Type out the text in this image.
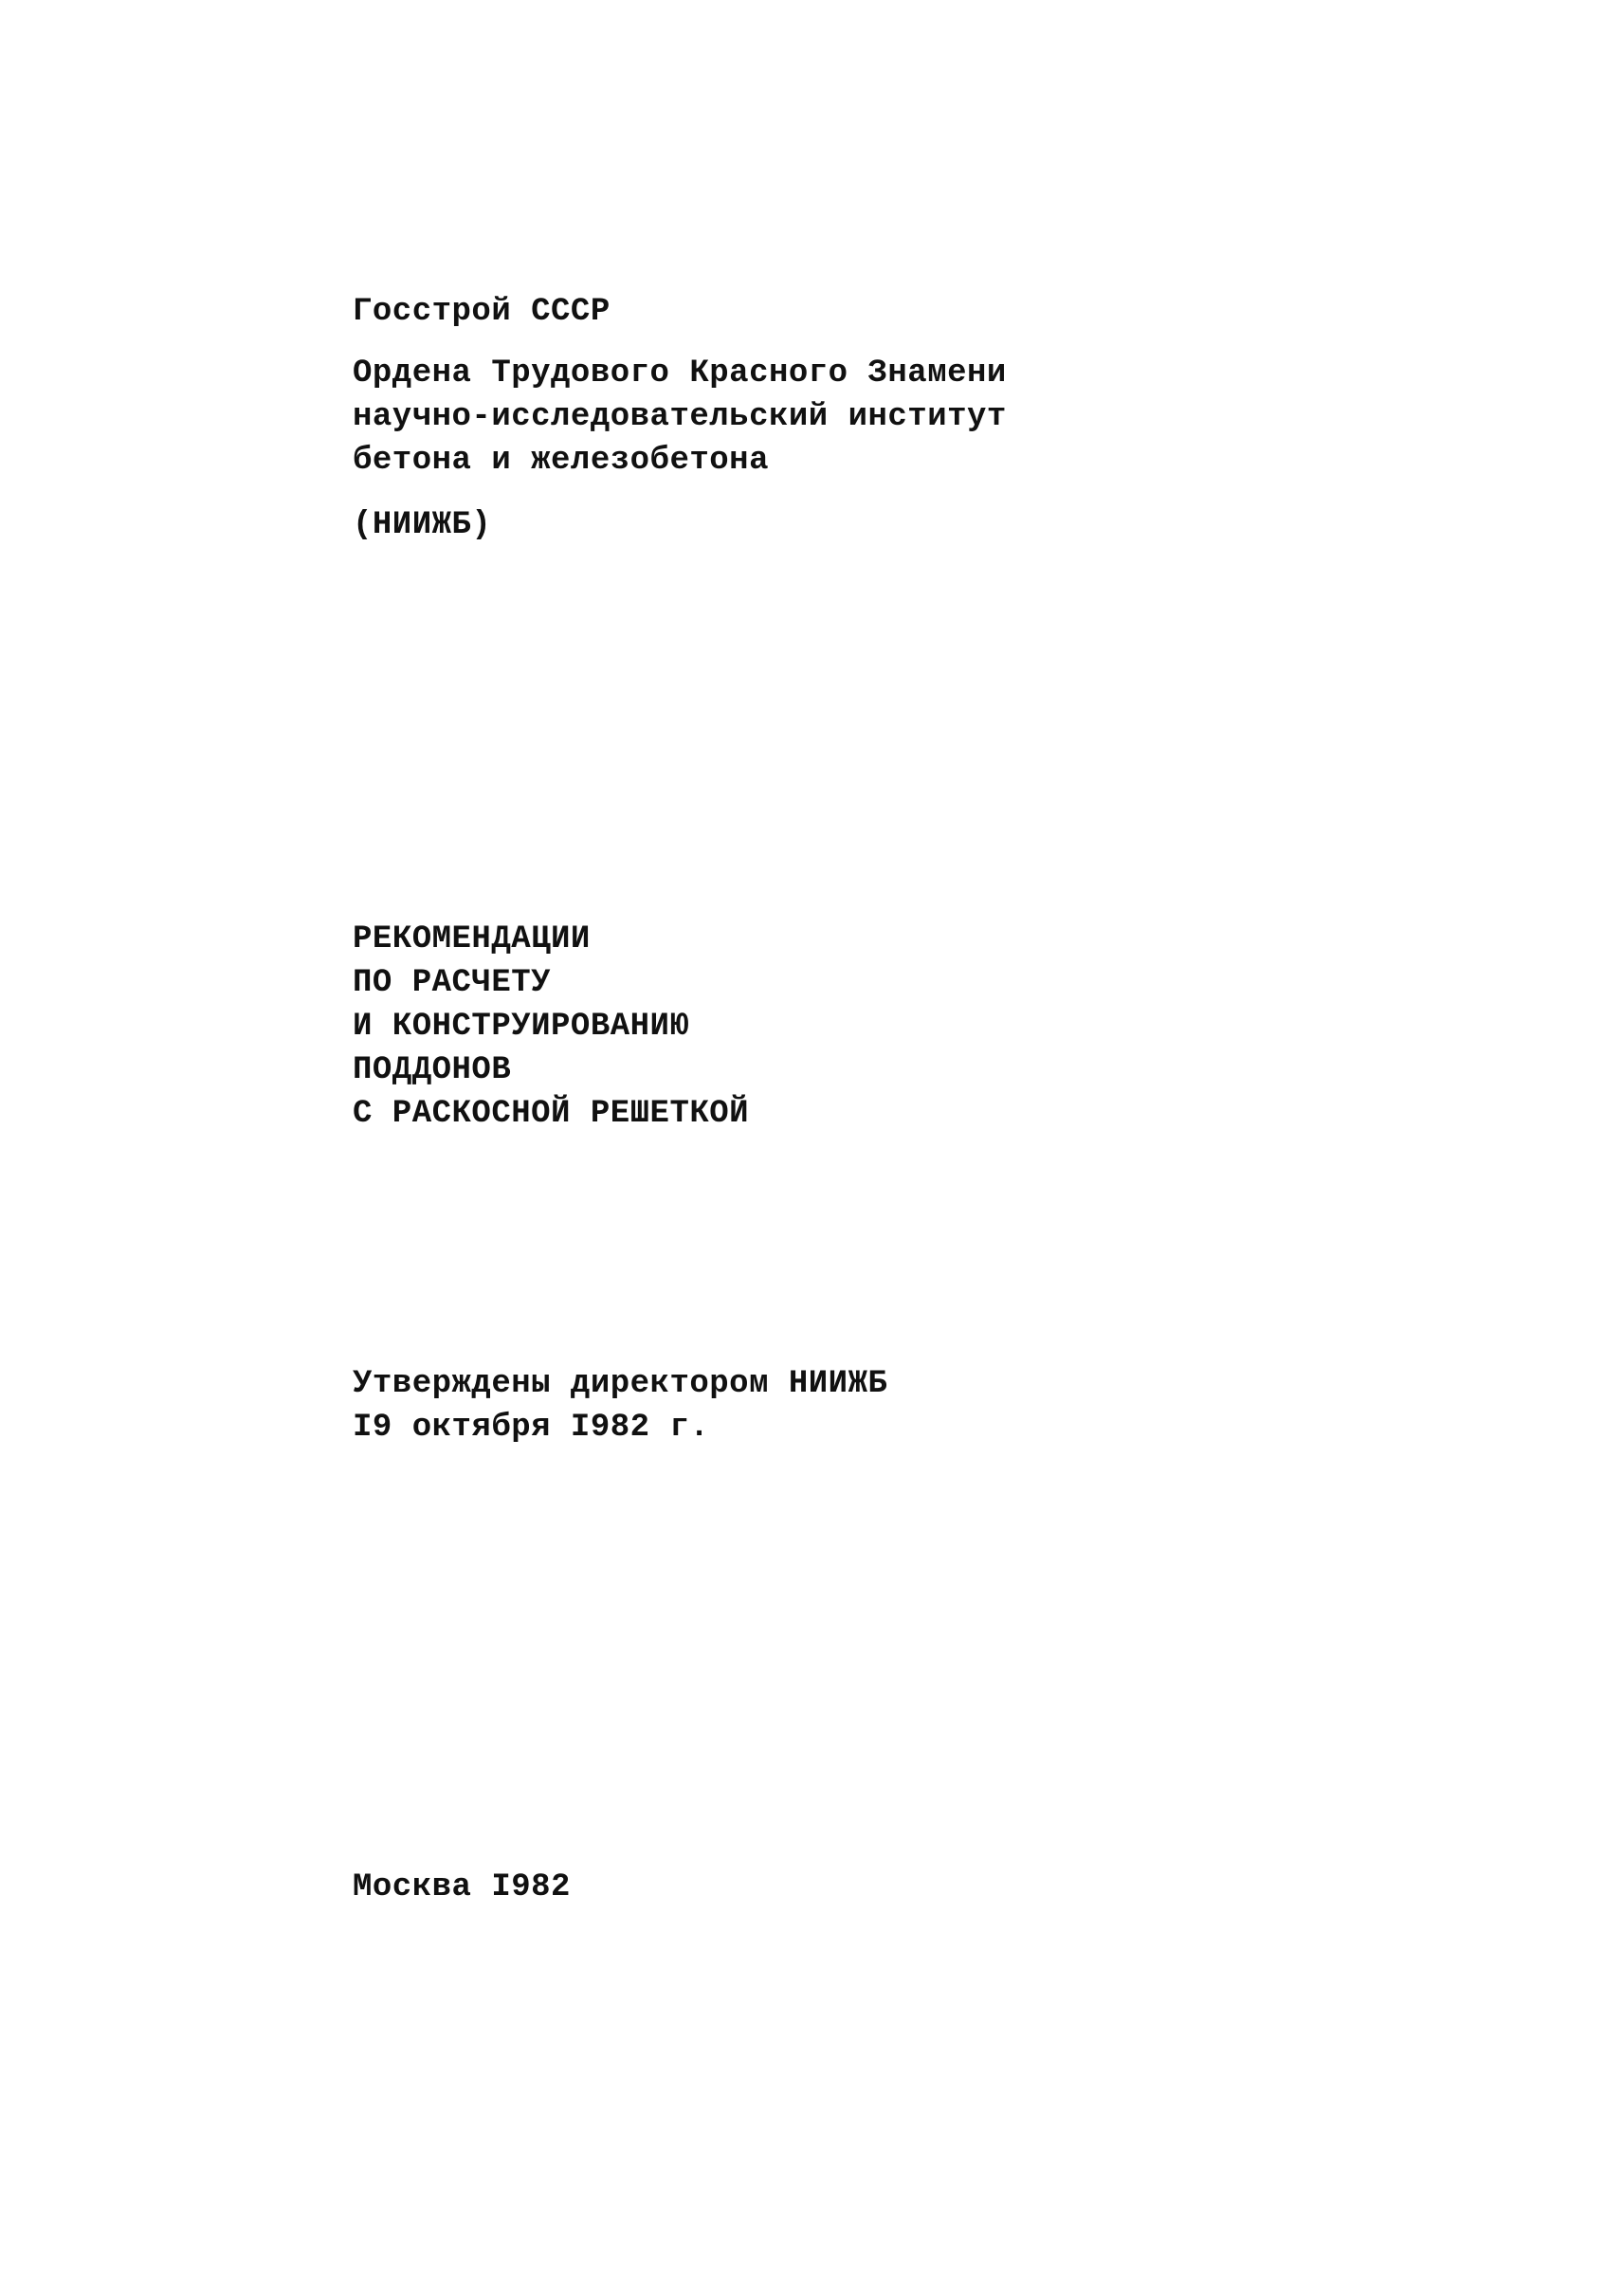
Госстрой СССР
Ордена Трудового Красного Знамени
научно-исследовательский институт
бетона и железобетона
(НИИЖБ)
РЕКОМЕНДАЦИИ
ПО РАСЧЕТУ
И КОНСТРУИРОВАНИЮ
ПОДДОНОВ
С РАСКОСНОЙ РЕШЕТКОЙ
Утверждены директором НИИЖБ
I9 октября I982 г.
Москва I982
